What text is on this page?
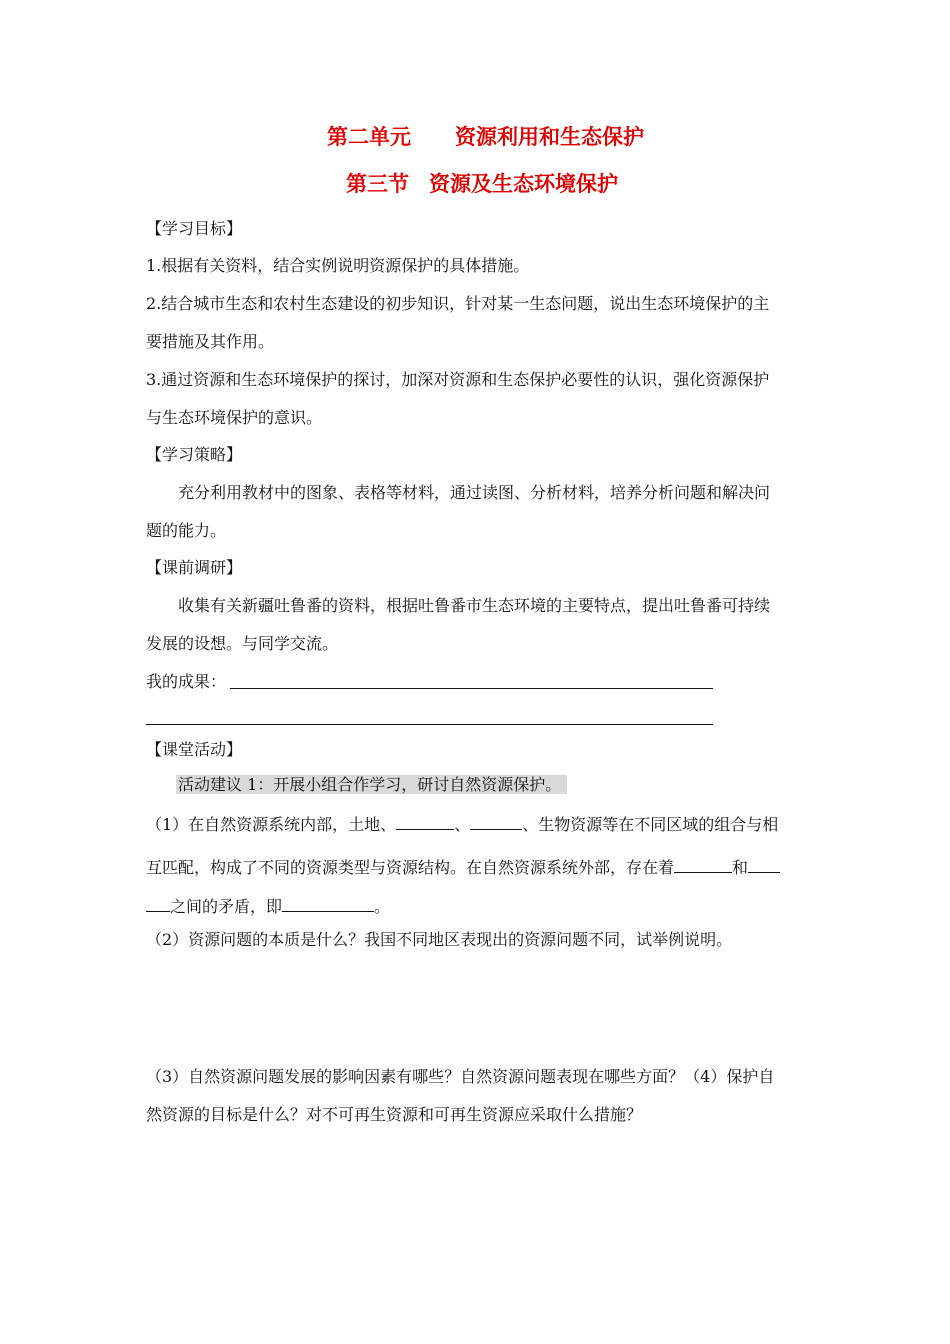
第二单元 资源利用和生态保护
第三节 资源及生态环境保护
【学习目标】
1.根据有关资料，结合实例说明资源保护的具体措施。
2.结合城市生态和农村生态建设的初步知识，针对某一生态问题，说出生态环境保护的主
要措施及其作用。
3.通过资源和生态环境保护的探讨，加深对资源和生态保护必要性的认识，强化资源保护
与生态环境保护的意识。
【学习策略】
充分利用教材中的图象、表格等材料，通过读图、分析材料，培养分析问题和解决问
题的能力。
【课前调研】
收集有关新疆吐鲁番的资料，根据吐鲁番市生态环境的主要特点，提出吐鲁番可持续
发展的设想。与同学交流。
我的成果：
【课堂活动】
活动建议 1：开展小组合作学习，研讨自然资源保护。
（1）在自然资源系统内部，土地、	、	、生物资源等在不同区域的组合与相
互匹配，构成了不同的资源类型与资源结构。在自然资源系统外部，存在着	和
之间的矛盾，即	。
（2）资源问题的本质是什么？我国不同地区表现出的资源问题不同，试举例说明。
（3）自然资源问题发展的影响因素有哪些？自然资源问题表现在哪些方面？（4）保护自
然资源的目标是什么？对不可再生资源和可再生资源应采取什么措施？
